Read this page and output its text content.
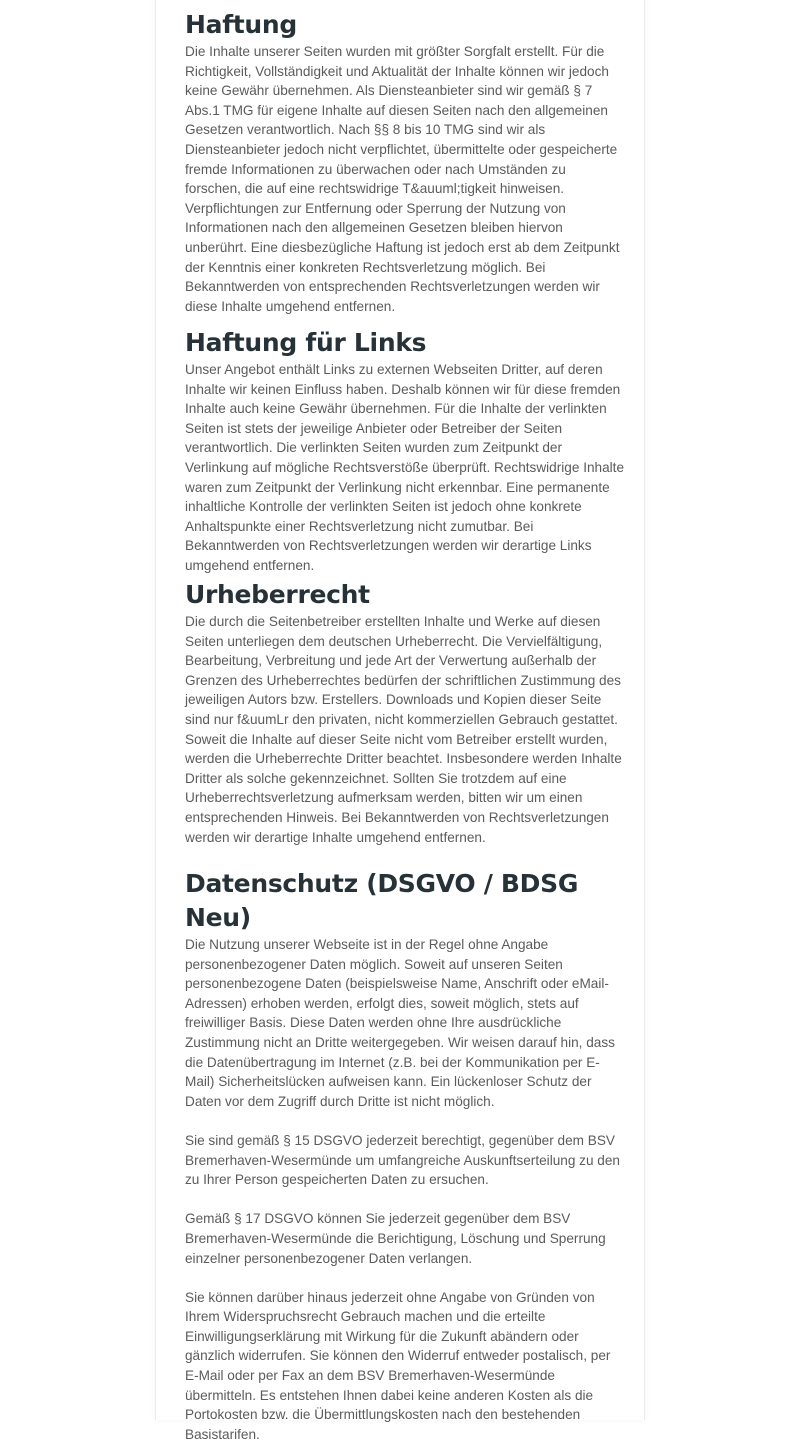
Haftung

Die Inhalte unserer Seiten wurden mit größter Sorgfalt erstellt. Für die Richtigkeit, Vollständigkeit und Aktualität der Inhalte können wir jedoch keine Gewähr übernehmen. Als Diensteanbieter sind wir gemäß § 7 Abs.1 TMG für eigene Inhalte auf diesen Seiten nach den allgemeinen Gesetzen verantwortlich. Nach §§ 8 bis 10 TMG sind wir als Diensteanbieter jedoch nicht verpflichtet, übermittelte oder gespeicherte fremde Informationen zu überwachen oder nach Umständen zu forschen, die auf eine rechtswidrige T&auuml;tigkeit hinweisen. Verpflichtungen zur Entfernung oder Sperrung der Nutzung von Informationen nach den allgemeinen Gesetzen bleiben hiervon unberührt. Eine diesbezügliche Haftung ist jedoch erst ab dem Zeitpunkt der Kenntnis einer konkreten Rechtsverletzung möglich. Bei Bekanntwerden von entsprechenden Rechtsverletzungen werden wir diese Inhalte umgehend entfernen.

Haftung für Links

Unser Angebot enthält Links zu externen Webseiten Dritter, auf deren Inhalte wir keinen Einfluss haben. Deshalb können wir für diese fremden Inhalte auch keine Gewähr übernehmen. Für die Inhalte der verlinkten Seiten ist stets der jeweilige Anbieter oder Betreiber der Seiten verantwortlich. Die verlinkten Seiten wurden zum Zeitpunkt der Verlinkung auf mögliche Rechtsverstöße überprüft. Rechtswidrige Inhalte waren zum Zeitpunkt der Verlinkung nicht erkennbar. Eine permanente inhaltliche Kontrolle der verlinkten Seiten ist jedoch ohne konkrete Anhaltspunkte einer Rechtsverletzung nicht zumutbar. Bei Bekanntwerden von Rechtsverletzungen werden wir derartige Links umgehend entfernen.

Urheberrecht

Die durch die Seitenbetreiber erstellten Inhalte und Werke auf diesen Seiten unterliegen dem deutschen Urheberrecht. Die Vervielfältigung, Bearbeitung, Verbreitung und jede Art der Verwertung außerhalb der Grenzen des Urheberrechtes bedürfen der schriftlichen Zustimmung des jeweiligen Autors bzw. Erstellers. Downloads und Kopien dieser Seite sind nur f&uumLr den privaten, nicht kommerziellen Gebrauch gestattet. Soweit die Inhalte auf dieser Seite nicht vom Betreiber erstellt wurden, werden die Urheberrechte Dritter beachtet. Insbesondere werden Inhalte Dritter als solche gekennzeichnet. Sollten Sie trotzdem auf eine Urheberrechtsverletzung aufmerksam werden, bitten wir um einen entsprechenden Hinweis. Bei Bekanntwerden von Rechtsverletzungen werden wir derartige Inhalte umgehend entfernen.

Datenschutz (DSGVO / BDSG Neu)

Die Nutzung unserer Webseite ist in der Regel ohne Angabe personenbezogener Daten möglich. Soweit auf unseren Seiten personenbezogene Daten (beispielsweise Name, Anschrift oder eMail-Adressen) erhoben werden, erfolgt dies, soweit möglich, stets auf freiwilliger Basis. Diese Daten werden ohne Ihre ausdrückliche Zustimmung nicht an Dritte weitergegeben. Wir weisen darauf hin, dass die Datenübertragung im Internet (z.B. bei der Kommunikation per E-Mail) Sicherheitslücken aufweisen kann. Ein lückenloser Schutz der Daten vor dem Zugriff durch Dritte ist nicht möglich.

Sie sind gemäß § 15 DSGVO jederzeit berechtigt, gegenüber dem BSV Bremerhaven-Wesermünde um umfangreiche Auskunftserteilung zu den zu Ihrer Person gespeicherten Daten zu ersuchen.

Gemäß § 17 DSGVO können Sie jederzeit gegenüber dem BSV Bremerhaven-Wesermünde die Berichtigung, Löschung und Sperrung einzelner personenbezogener Daten verlangen.

Sie können darüber hinaus jederzeit ohne Angabe von Gründen von Ihrem Widerspruchsrecht Gebrauch machen und die erteilte Einwilligungserklärung mit Wirkung für die Zukunft abändern oder gänzlich widerrufen. Sie können den Widerruf entweder postalisch, per E-Mail oder per Fax an dem BSV Bremerhaven-Wesermünde übermitteln. Es entstehen Ihnen dabei keine anderen Kosten als die Portokosten bzw. die Übermittlungskosten nach den bestehenden Basistarifen.
